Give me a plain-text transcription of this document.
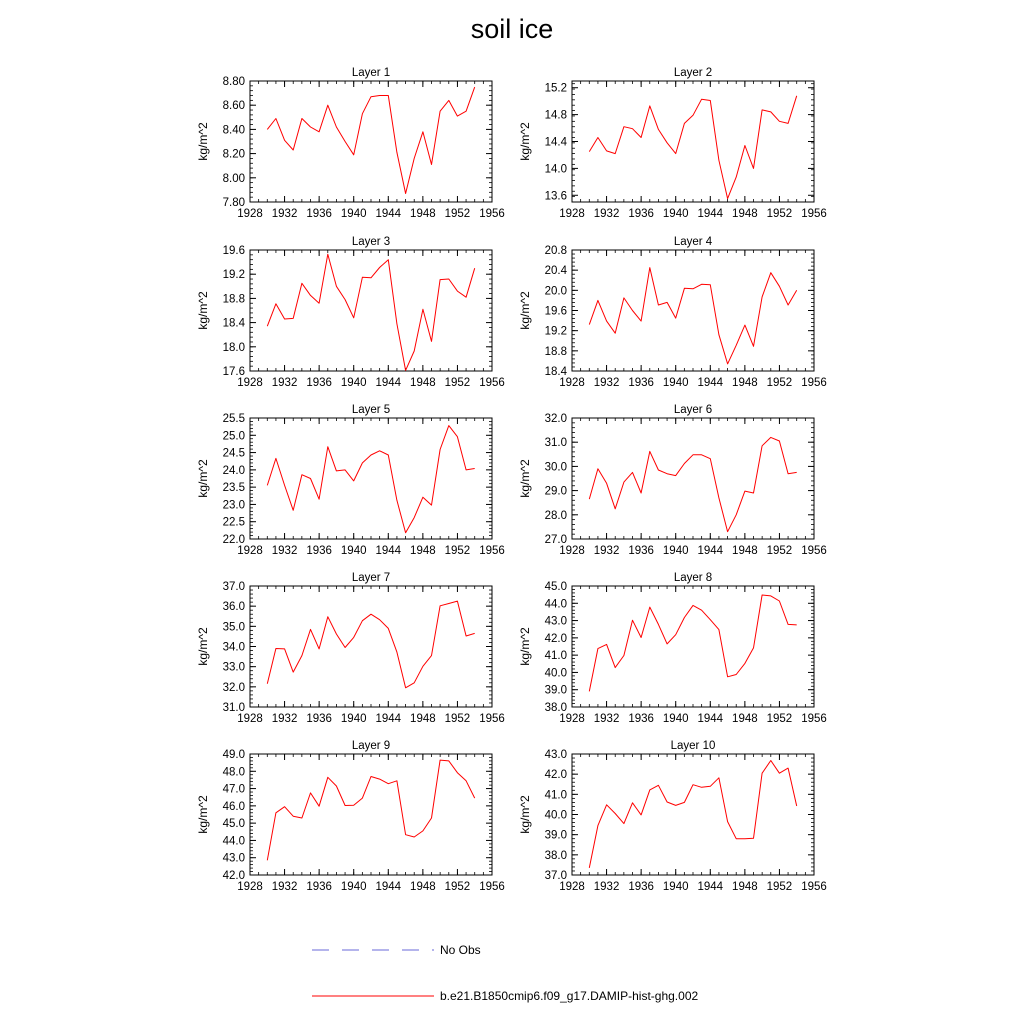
soil ice
1928 1932 1936 1940 1944 1948 1952 1956
7.80
8.00
8.20
8.40
8.60
8.80
Layer 1
kg/m^2
1928 1932 1936 1940 1944 1948 1952 1956
13.6
14.0
14.4
14.8
15.2
Layer 2
kg/m^2
1928 1932 1936 1940 1944 1948 1952 1956
17.6
18.0
18.4
18.8
19.2
19.6
Layer 3
kg/m^2
1928 1932 1936 1940 1944 1948 1952 1956
18.4
18.8
19.2
19.6
20.0
20.4
20.8
Layer 4
kg/m^2
1928 1932 1936 1940 1944 1948 1952 1956
22.0
22.5
23.0
23.5
24.0
24.5
25.0
25.5
Layer 5
kg/m^2
1928 1932 1936 1940 1944 1948 1952 1956
27.0
28.0
29.0
30.0
31.0
32.0
Layer 6
kg/m^2
1928 1932 1936 1940 1944 1948 1952 1956
31.0
32.0
33.0
34.0
35.0
36.0
37.0
Layer 7
kg/m^2
1928 1932 1936 1940 1944 1948 1952 1956
38.0
39.0
40.0
41.0
42.0
43.0
44.0
45.0
Layer 8
kg/m^2
1928 1932 1936 1940 1944 1948 1952 1956
42.0
43.0
44.0
45.0
46.0
47.0
48.0
49.0
Layer 9
kg/m^2
1928 1932 1936 1940 1944 1948 1952 1956
37.0
38.0
39.0
40.0
41.0
42.0
43.0
Layer 10
kg/m^2
No Obs
b.e21.B1850cmip6.f09_g17.DAMIP-hist-ghg.002
